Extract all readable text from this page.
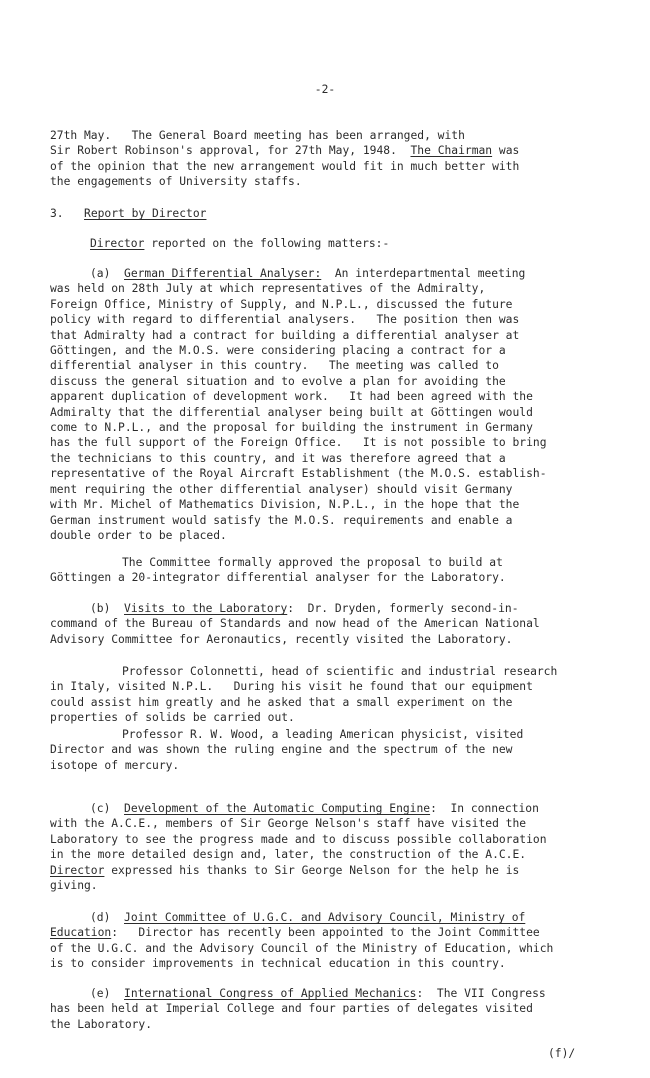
-2-
27th May.   The General Board meeting has been arranged, with
Sir Robert Robinson's approval, for 27th May, 1948.  The Chairman was
of the opinion that the new arrangement would fit in much better with
the engagements of University staffs.
3. Report by Director
Director reported on the following matters:-
(a) German Differential Analyser:  An interdepartmental meeting
was held on 28th July at which representatives of the Admiralty,
Foreign Office, Ministry of Supply, and N.P.L., discussed the future
policy with regard to differential analysers.   The position then was
that Admiralty had a contract for building a differential analyser at
Göttingen, and the M.O.S. were considering placing a contract for a
differential analyser in this country.   The meeting was called to
discuss the general situation and to evolve a plan for avoiding the
apparent duplication of development work.   It had been agreed with the
Admiralty that the differential analyser being built at Göttingen would
come to N.P.L., and the proposal for building the instrument in Germany
has the full support of the Foreign Office.   It is not possible to bring
the technicians to this country, and it was therefore agreed that a
representative of the Royal Aircraft Establishment (the M.O.S. establish-
ment requiring the other differential analyser) should visit Germany
with Mr. Michel of Mathematics Division, N.P.L., in the hope that the
German instrument would satisfy the M.O.S. requirements and enable a
double order to be placed.
The Committee formally approved the proposal to build at
Göttingen a 20-integrator differential analyser for the Laboratory.
(b) Visits to the Laboratory:  Dr. Dryden, formerly second-in-
command of the Bureau of Standards and now head of the American National
Advisory Committee for Aeronautics, recently visited the Laboratory.
Professor Colonnetti, head of scientific and industrial research
in Italy, visited N.P.L.   During his visit he found that our equipment
could assist him greatly and he asked that a small experiment on the
properties of solids be carried out.
Professor R. W. Wood, a leading American physicist, visited
Director and was shown the ruling engine and the spectrum of the new
isotope of mercury.
(c) Development of the Automatic Computing Engine:  In connection
with the A.C.E., members of Sir George Nelson's staff have visited the
Laboratory to see the progress made and to discuss possible collaboration
in the more detailed design and, later, the construction of the A.C.E.
Director expressed his thanks to Sir George Nelson for the help he is
giving.
(d) Joint Committee of U.G.C. and Advisory Council, Ministry of
Education:   Director has recently been appointed to the Joint Committee
of the U.G.C. and the Advisory Council of the Ministry of Education, which
is to consider improvements in technical education in this country.
(e) International Congress of Applied Mechanics:  The VII Congress
has been held at Imperial College and four parties of delegates visited
the Laboratory.
(f)/
